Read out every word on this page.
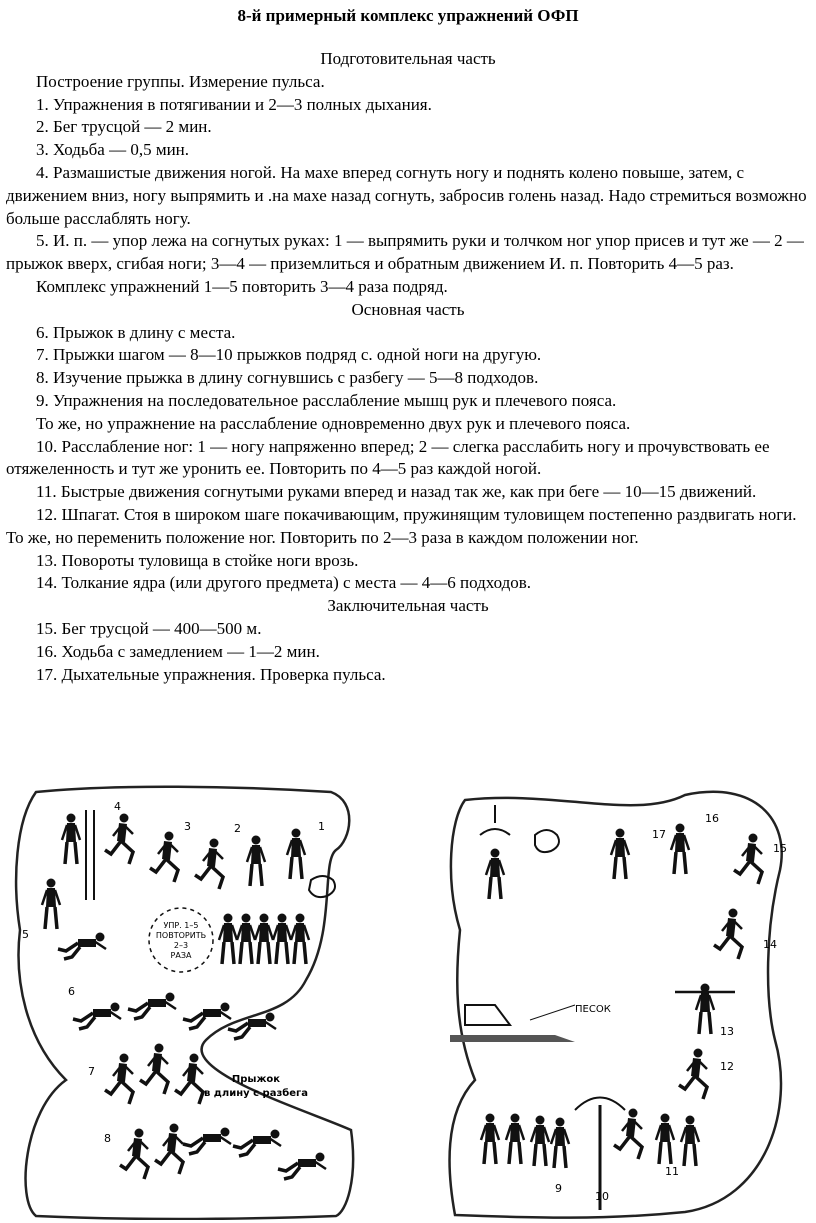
8-й примерный комплекс упражнений ОФП
Подготовительная часть
Построение группы. Измерение пульса.
1. Упражнения в потягивании и 2—3 полных дыхания.
2. Бег трусцой — 2 мин.
3. Ходьба — 0,5 мин.
4. Размашистые движения ногой. На махе вперед согнуть ногу и поднять колено повыше, затем, с движением вниз, ногу выпрямить и .на махе назад согнуть, забросив голень назад. Надо стремиться возможно больше расслаблять ногу.
5. И. п. — упор лежа на согнутых руках: 1 — выпрямить руки и толчком ног упор присев и тут же — 2 — прыжок вверх, сгибая ноги; 3—4 — приземлиться и обратным движением И. п. Повторить 4—5 раз.
Комплекс упражнений 1—5 повторить 3—4 раза подряд.
Основная часть
6. Прыжок в длину с места.
7. Прыжки шагом — 8—10 прыжков подряд с. одной ноги на другую.
8. Изучение прыжка в длину согнувшись с разбегу — 5—8 подходов.
9. Упражнения на последовательное расслабление мышц рук и плечевого пояса.
То же, но упражнение на расслабление одновременно двух рук и плечевого пояса.
10. Расслабление ног: 1 — ногу напряженно вперед; 2 — слегка расслабить ногу и прочувствовать ее отяжеленность и тут же уронить ее. Повторить по 4—5 раз каждой ногой.
11. Быстрые движения согнутыми руками вперед и назад так же, как при беге — 10—15 движений.
12. Шпагат. Стоя в широком шаге покачивающим, пружинящим туловищем постепенно раздвигать ноги. То же, но переменить положение ног. Повторить по 2—3 раза в каждом положении ног.
13. Повороты туловища в стойке ноги врозь.
14. Толкание ядра (или другого предмета) с места — 4—6 подходов.
Заключительная часть
15. Бег трусцой — 400—500 м.
16. Ходьба с замедлением — 1—2 мин.
17. Дыхательные упражнения. Проверка пульса.
4
3	2	1
5
6
7
8
УПР. 1–5
ПОВТОРИТЬ
2–3
РАЗА
Прыжок
в длину с разбега
17
16
15
14
13
12
11
10
9
ПЕСОК
